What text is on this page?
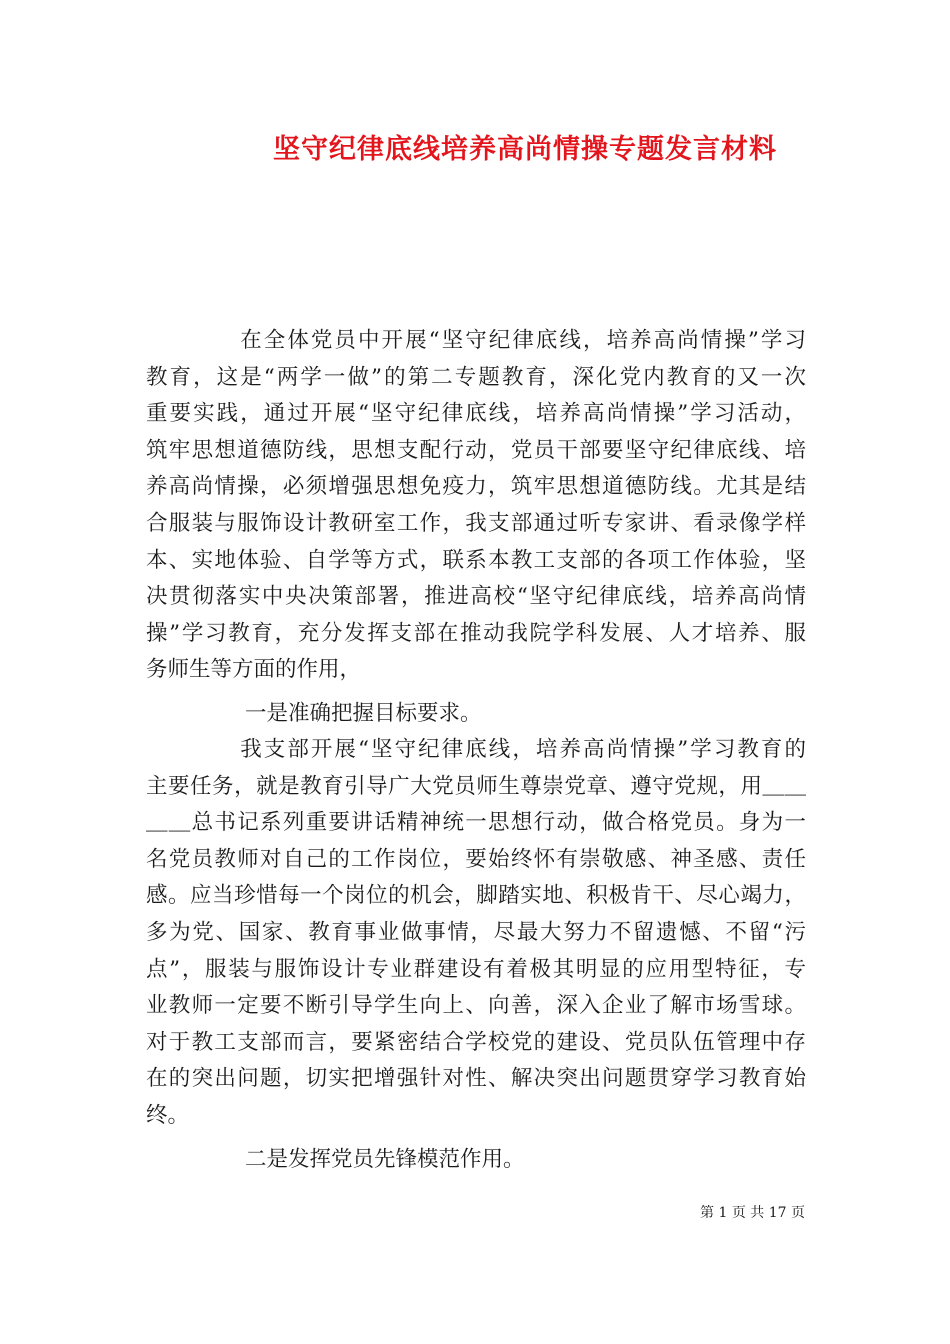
坚守纪律底线培养高尚情操专题发言材料
　　　　在全体党员中开展“坚守纪律底线，培养高尚情操”学习
教育，这是“两学一做”的第二专题教育，深化党内教育的又一次
重要实践，通过开展“坚守纪律底线，培养高尚情操”学习活动，
筑牢思想道德防线，思想支配行动，党员干部要坚守纪律底线、培
养高尚情操，必须增强思想免疫力，筑牢思想道德防线。尤其是结
合服装与服饰设计教研室工作，我支部通过听专家讲、看录像学样
本、实地体验、自学等方式，联系本教工支部的各项工作体验，坚
决贯彻落实中央决策部署，推进高校“坚守纪律底线，培养高尚情
操”学习教育，充分发挥支部在推动我院学科发展、人才培养、服
务师生等方面的作用，
一是准确把握目标要求。
　　　　我支部开展“坚守纪律底线，培养高尚情操”学习教育的
主要任务，就是教育引导广大党员师生尊崇党章、遵守党规，用＿＿
＿＿总书记系列重要讲话精神统一思想行动，做合格党员。身为一
名党员教师对自己的工作岗位，要始终怀有崇敬感、神圣感、责任
感。应当珍惜每一个岗位的机会，脚踏实地、积极肯干、尽心竭力，
多为党、国家、教育事业做事情，尽最大努力不留遗憾、不留“污
点”，服装与服饰设计专业群建设有着极其明显的应用型特征，专
业教师一定要不断引导学生向上、向善，深入企业了解市场雪球。
对于教工支部而言，要紧密结合学校党的建设、党员队伍管理中存
在的突出问题，切实把增强针对性、解决突出问题贯穿学习教育始
终。
二是发挥党员先锋模范作用。
第 1 页 共 17 页
